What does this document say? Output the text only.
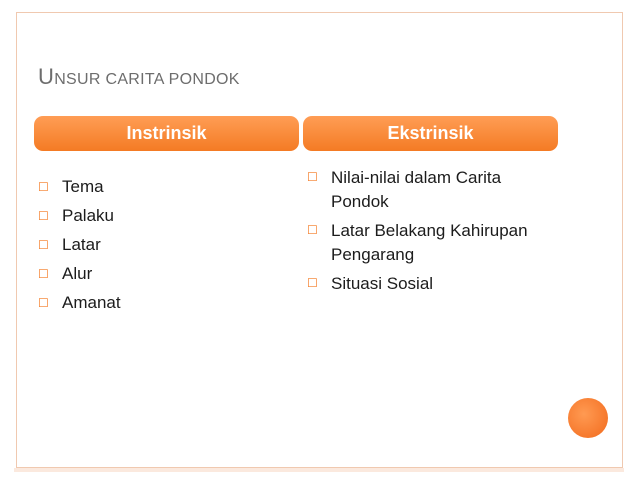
UNSUR CARITA PONDOK
Instrinsik	Ekstrinsik
☐ Tema
☐ Palaku
☐ Latar
☐ Alur
☐ Amanat
☐ Nilai-nilai dalam Carita Pondok
☐ Latar Belakang Kahirupan Pengarang
☐ Situasi Sosial
